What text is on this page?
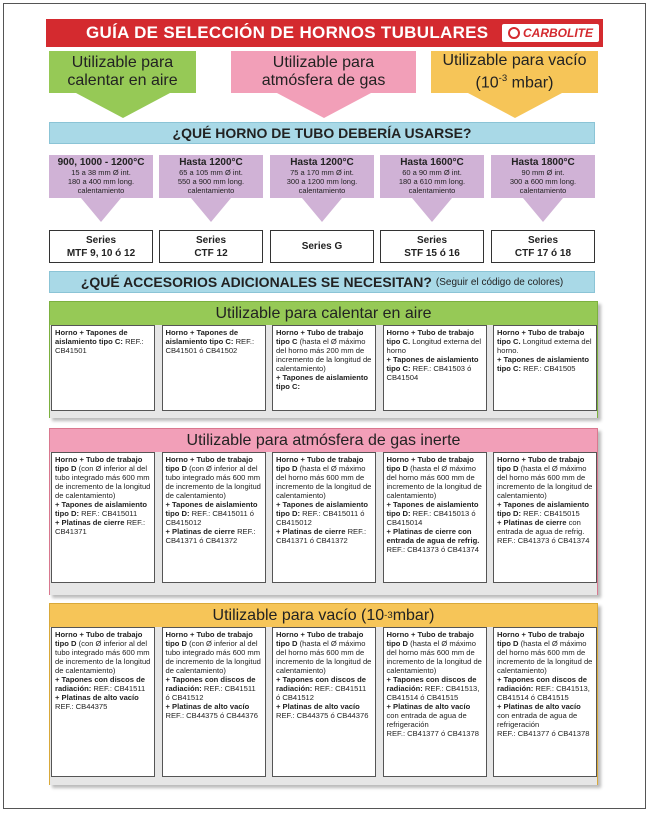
GUÍA DE SELECCIÓN DE HORNOS TUBULARES	CARBOLITE
Utilizable para
calentar en aire
Utilizable para
atmósfera de gas
Utilizable para vacío
($10^{-3}$ mbar)
¿QUÉ HORNO DE TUBO DEBERÍA USARSE?
900, 1000 - 1200°C
15 a 38 mm Ø int.
180 a 400 mm long.
calentamiento
Series
MTF 9, 10 ó 12
Hasta 1200°C
65 a 105 mm Ø int.
550 a 900 mm long.
calentamiento
Series
CTF 12
Hasta 1200°C
75 a 170 mm Ø int.
300 a 1200 mm long.
calentamiento
Series G
Hasta 1600°C
60 a 90 mm Ø int.
180 a 610 mm long.
calentamiento
Series
STF 15 ó 16
Hasta 1800°C
90 mm Ø int.
300 a 600 mm long.
calentamiento
Series
CTF 17 ó 18
¿QUÉ ACCESORIOS ADICIONALES SE NECESITAN? (Seguir el código de colores)
Utilizable para calentar en aire
Horno + Tapones de aislamiento tipo C: REF.: CB41501
Horno + Tapones de aislamiento tipo C: REF.: CB41501 ó CB41502
Horno + Tubo de trabajo tipo C (hasta el Ø máximo del horno más 200 mm de incremento de la longitud de calentamiento)
+ Tapones de aislamiento tipo C:
Horno + Tubo de trabajo tipo C. Longitud externa del horno
+ Tapones de aislamiento tipo C: REF.: CB41503 ó CB41504
Horno + Tubo de trabajo tipo C. Longitud externa del horno.
+ Tapones de aislamiento tipo C: REF.: CB41505
Utilizable para atmósfera de gas inerte
Horno + Tubo de trabajo tipo D (con Ø inferior al del tubo integrado más 600 mm de incremento de la longitud de calentamiento)
+ Tapones de aislamiento tipo D: REF.: CB415011
+ Platinas de cierre REF.: CB41371
Horno + Tubo de trabajo tipo D (con Ø inferior al del tubo integrado más 600 mm de incremento de la longitud de calentamiento)
+ Tapones de aislamiento tipo D: REF.: CB415011 ó CB415012
+ Platinas de cierre REF.: CB41371 ó CB41372
Horno + Tubo de trabajo tipo D (hasta el Ø máximo del horno más 600 mm de incremento de la longitud de calentamiento)
+ Tapones de aislamiento tipo D: REF.: CB415011 ó CB415012
+ Platinas de cierre REF.: CB41371 ó CB41372
Horno + Tubo de trabajo tipo D (hasta el Ø máximo del horno más 600 mm de incremento de la longitud de calentamiento)
+ Tapones de aislamiento tipo D: REF.: CB415013 ó CB415014
+ Platinas de cierre con entrada de agua de refrig. REF.: CB41373 ó CB41374
Horno + Tubo de trabajo tipo D (hasta el Ø máximo del horno más 600 mm de incremento de la longitud de calentamiento)
+ Tapones de aislamiento tipo D: REF.: CB415015
+ Platinas de cierre con entrada de agua de refrig.
REF.: CB41373 ó CB41374
Utilizable para vacío (10 -3 mbar)
Horno + Tubo de trabajo tipo D (con Ø inferior al del tubo integrado más 600 mm de incremento de la longitud de calentamiento)
+ Tapones con discos de radiación: REF.: CB41511
+ Platinas de alto vacío REF.: CB44375
Horno + Tubo de trabajo tipo D (con Ø inferior al del tubo integrado más 600 mm de incremento de la longitud de calentamiento)
+ Tapones con discos de radiación: REF.: CB41511 ó CB41512
+ Platinas de alto vacío REF.: CB44375 ó CB44376
Horno + Tubo de trabajo tipo D (hasta el Ø máximo del horno más 600 mm de incremento de la longitud de calentamiento)
+ Tapones con discos de radiación: REF.: CB41511 ó CB41512
+ Platinas de alto vacío REF.: CB44375 ó CB44376
Horno + Tubo de trabajo tipo D (hasta el Ø máximo del horno más 600 mm de incremento de la longitud de calentamiento)
+ Tapones con discos de radiación: REF.: CB41513, CB41514 ó CB41515
+ Platinas de alto vacío con entrada de agua de refrigeración
REF.: CB41377 ó CB41378
Horno + Tubo de trabajo tipo D (hasta el Ø máximo del horno más 600 mm de incremento de la longitud de calentamiento)
+ Tapones con discos de radiación: REF.: CB41513, CB41514 ó CB41515
+ Platinas de alto vacío con entrada de agua de refrigeración
REF.: CB41377 ó CB41378
